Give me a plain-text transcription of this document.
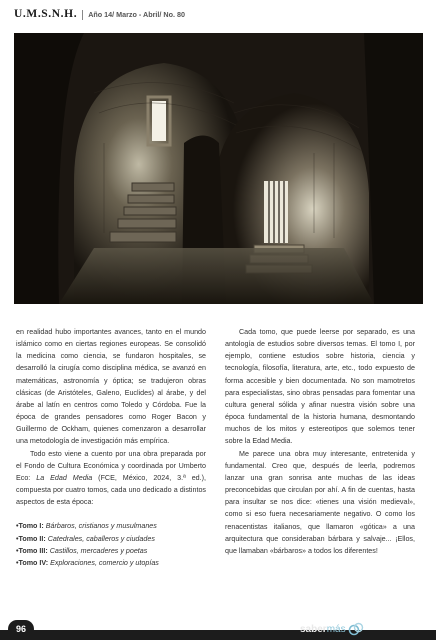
U.M.S.N.H. Año 14/ Marzo - Abril/ No. 80

en realidad hubo importantes avances, tanto en el mundo islámico como en ciertas regiones europeas. Se consolidó la medicina como ciencia, se fundaron hospitales, se desarrolló la cirugía como disciplina médica, se avanzó en matemáticas, astronomía y óptica; se tradujeron obras clásicas (de Aristóteles, Galeno, Euclides) al árabe, y del árabe al latín en centros como Toledo y Córdoba. Fue la época de grandes pensadores como Roger Bacon y Guillermo de Ockham, quienes comenzaron a desarrollar una metodología de investigación más empírica.

Todo esto viene a cuento por una obra preparada por el Fondo de Cultura Económica y coordinada por Umberto Eco: La Edad Media (FCE, México, 2024, 3.ª ed.), compuesta por cuatro tomos, cada uno dedicado a distintos aspectos de esta época:

•Tomo I: Bárbaros, cristianos y musulmanes
•Tomo II: Catedrales, caballeros y ciudades
•Tomo III: Castillos, mercaderes y poetas
•Tomo IV: Exploraciones, comercio y utopías

Cada tomo, que puede leerse por separado, es una antología de estudios sobre diversos temas. El tomo I, por ejemplo, contiene estudios sobre historia, ciencia y tecnología, filosofía, literatura, arte, etc., todo expuesto de forma accesible y bien documentada. No son mamotretos para especialistas, sino obras pensadas para fomentar una cultura general sólida y afinar nuestra visión sobre una época fundamental de la historia humana, desmontando muchos de los mitos y estereotipos que solemos tener sobre la Edad Media.

Me parece una obra muy interesante, entretenida y fundamental. Creo que, después de leerla, podremos lanzar una gran sonrisa ante muchas de las ideas preconcebidas que circulan por ahí. A fin de cuentas, hasta para insultar se nos dice: «tienes una visión medieval», como si eso fuera necesariamente negativo. O como los renacentistas italianos, que llamaron «gótica» a una arquitectura que consideraban bárbara y salvaje... ¡Ellos, que llamaban «bárbaros» a todos los diferentes!

96	sabermás
